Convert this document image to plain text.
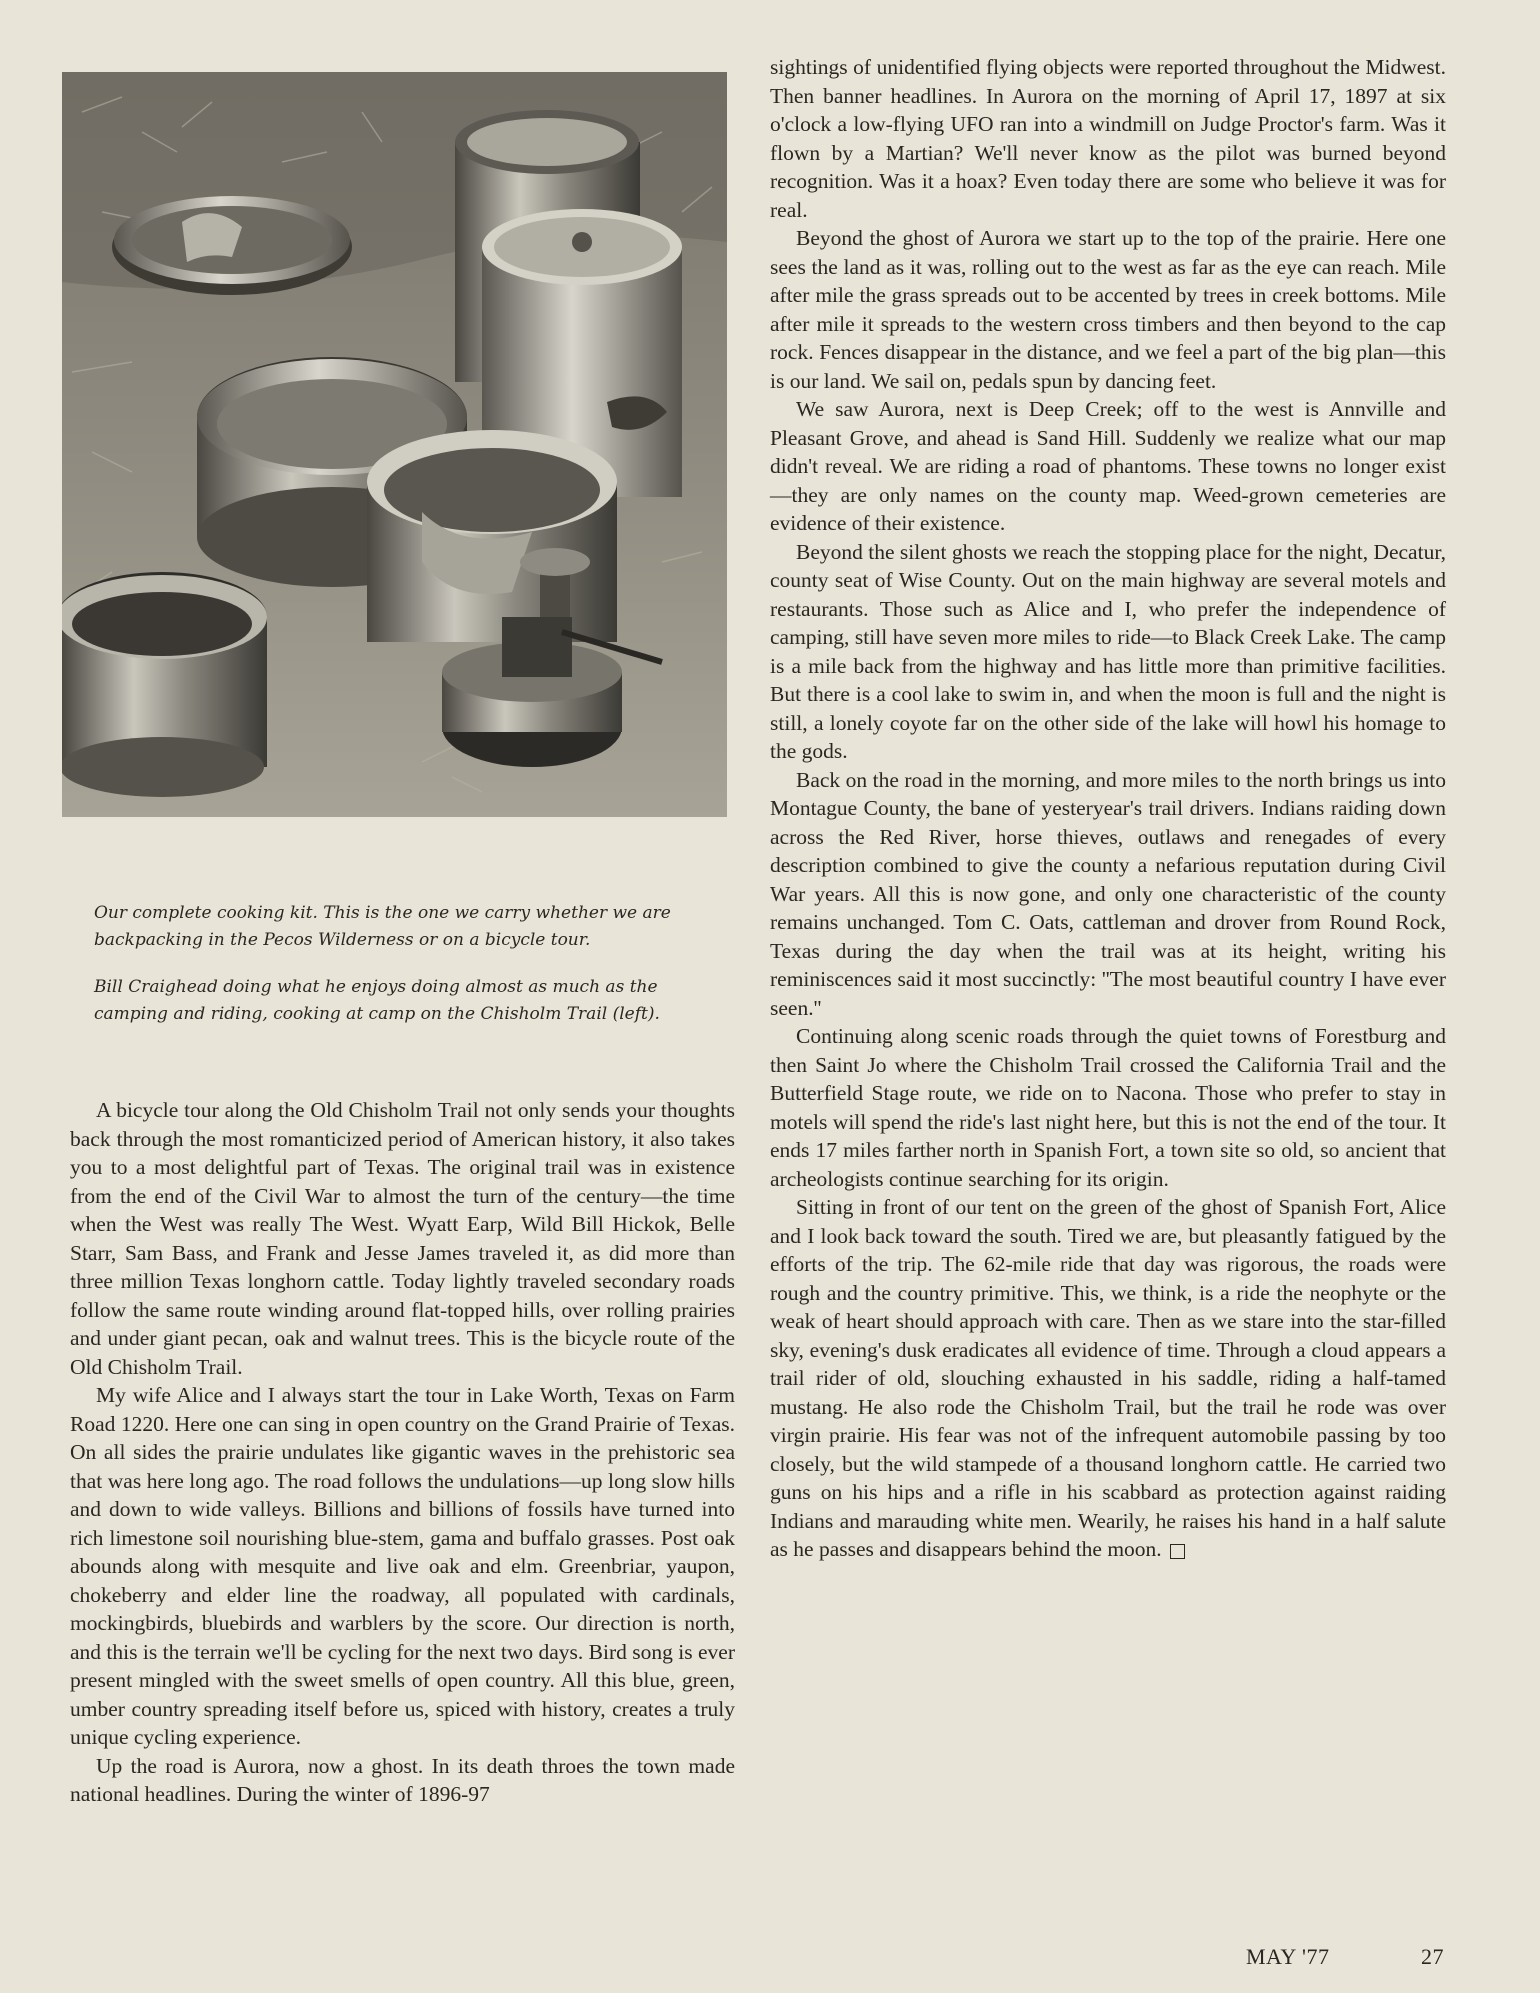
Our complete cooking kit. This is the one we carry whether we are backpacking in the Pecos Wilderness or on a bicycle tour.

Bill Craighead doing what he enjoys doing almost as much as the camping and riding, cooking at camp on the Chisholm Trail (left).

A bicycle tour along the Old Chisholm Trail not only sends your thoughts back through the most romanticized period of American history, it also takes you to a most delightful part of Texas. The original trail was in existence from the end of the Civil War to almost the turn of the century—the time when the West was really The West. Wyatt Earp, Wild Bill Hickok, Belle Starr, Sam Bass, and Frank and Jesse James traveled it, as did more than three million Texas longhorn cattle. Today lightly traveled secondary roads follow the same route winding around flat-topped hills, over rolling prairies and under giant pecan, oak and walnut trees. This is the bicycle route of the Old Chisholm Trail.

My wife Alice and I always start the tour in Lake Worth, Texas on Farm Road 1220. Here one can sing in open country on the Grand Prairie of Texas. On all sides the prairie undulates like gigantic waves in the prehistoric sea that was here long ago. The road follows the undulations—up long slow hills and down to wide valleys. Billions and billions of fossils have turned into rich limestone soil nourishing blue-stem, gama and buffalo grasses. Post oak abounds along with mesquite and live oak and elm. Greenbriar, yaupon, chokeberry and elder line the roadway, all populated with cardinals, mockingbirds, bluebirds and warblers by the score. Our direction is north, and this is the terrain we'll be cycling for the next two days. Bird song is ever present mingled with the sweet smells of open country. All this blue, green, umber country spreading itself before us, spiced with history, creates a truly unique cycling experience.

Up the road is Aurora, now a ghost. In its death throes the town made national headlines. During the winter of 1896-97

sightings of unidentified flying objects were reported throughout the Midwest. Then banner headlines. In Aurora on the morning of April 17, 1897 at six o'clock a low-flying UFO ran into a windmill on Judge Proctor's farm. Was it flown by a Martian? We'll never know as the pilot was burned beyond recognition. Was it a hoax? Even today there are some who believe it was for real.

Beyond the ghost of Aurora we start up to the top of the prairie. Here one sees the land as it was, rolling out to the west as far as the eye can reach. Mile after mile the grass spreads out to be accented by trees in creek bottoms. Mile after mile it spreads to the western cross timbers and then beyond to the cap rock. Fences disappear in the distance, and we feel a part of the big plan—this is our land. We sail on, pedals spun by dancing feet.

We saw Aurora, next is Deep Creek; off to the west is Annville and Pleasant Grove, and ahead is Sand Hill. Suddenly we realize what our map didn't reveal. We are riding a road of phantoms. These towns no longer exist—they are only names on the county map. Weed-grown cemeteries are evidence of their existence.

Beyond the silent ghosts we reach the stopping place for the night, Decatur, county seat of Wise County. Out on the main highway are several motels and restaurants. Those such as Alice and I, who prefer the independence of camping, still have seven more miles to ride—to Black Creek Lake. The camp is a mile back from the highway and has little more than primitive facilities. But there is a cool lake to swim in, and when the moon is full and the night is still, a lonely coyote far on the other side of the lake will howl his homage to the gods.

Back on the road in the morning, and more miles to the north brings us into Montague County, the bane of yesteryear's trail drivers. Indians raiding down across the Red River, horse thieves, outlaws and renegades of every description combined to give the county a nefarious reputation during Civil War years. All this is now gone, and only one characteristic of the county remains unchanged. Tom C. Oats, cattleman and drover from Round Rock, Texas during the day when the trail was at its height, writing his reminiscences said it most succinctly: ''The most beautiful country I have ever seen.''

Continuing along scenic roads through the quiet towns of Forestburg and then Saint Jo where the Chisholm Trail crossed the California Trail and the Butterfield Stage route, we ride on to Nacona. Those who prefer to stay in motels will spend the ride's last night here, but this is not the end of the tour. It ends 17 miles farther north in Spanish Fort, a town site so old, so ancient that archeologists continue searching for its origin.

Sitting in front of our tent on the green of the ghost of Spanish Fort, Alice and I look back toward the south. Tired we are, but pleasantly fatigued by the efforts of the trip. The 62-mile ride that day was rigorous, the roads were rough and the country primitive. This, we think, is a ride the neophyte or the weak of heart should approach with care. Then as we stare into the star-filled sky, evening's dusk eradicates all evidence of time. Through a cloud appears a trail rider of old, slouching exhausted in his saddle, riding a half-tamed mustang. He also rode the Chisholm Trail, but the trail he rode was over virgin prairie. His fear was not of the infrequent automobile passing by too closely, but the wild stampede of a thousand longhorn cattle. He carried two guns on his hips and a rifle in his scabbard as protection against raiding Indians and marauding white men. Wearily, he raises his hand in a half salute as he passes and disappears behind the moon.

MAY '77	27
